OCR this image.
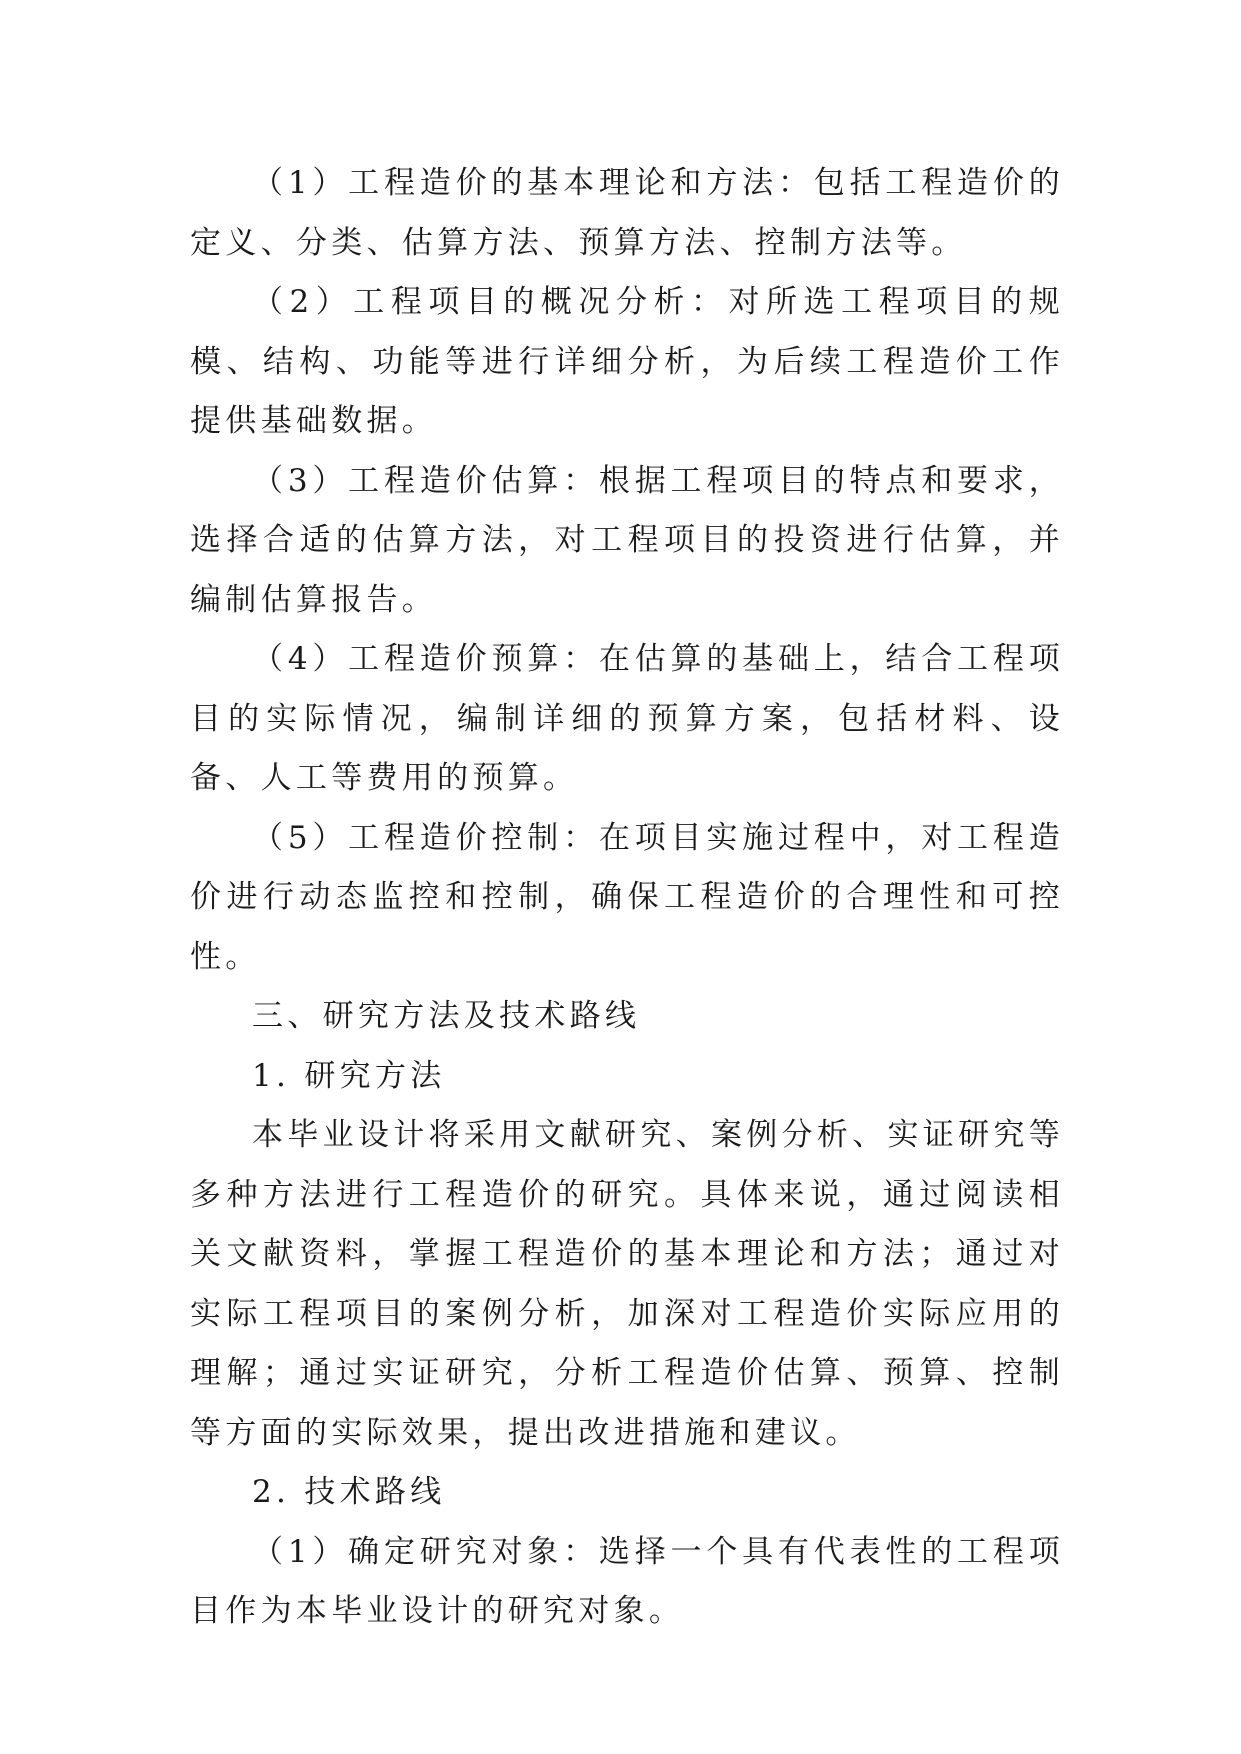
（1）工程造价的基本理论和方法：包括工程造价的定义、分类、估算方法、预算方法、控制方法等。

（2）工程项目的概况分析：对所选工程项目的规模、结构、功能等进行详细分析，为后续工程造价工作提供基础数据。

（3）工程造价估算：根据工程项目的特点和要求，选择合适的估算方法，对工程项目的投资进行估算，并编制估算报告。

（4）工程造价预算：在估算的基础上，结合工程项目的实际情况，编制详细的预算方案，包括材料、设备、人工等费用的预算。

（5）工程造价控制：在项目实施过程中，对工程造价进行动态监控和控制，确保工程造价的合理性和可控性。

三、研究方法及技术路线

1. 研究方法

本毕业设计将采用文献研究、案例分析、实证研究等多种方法进行工程造价的研究。具体来说，通过阅读相关文献资料，掌握工程造价的基本理论和方法；通过对实际工程项目的案例分析，加深对工程造价实际应用的理解；通过实证研究，分析工程造价估算、预算、控制等方面的实际效果，提出改进措施和建议。

2. 技术路线

（1）确定研究对象：选择一个具有代表性的工程项目作为本毕业设计的研究对象。
